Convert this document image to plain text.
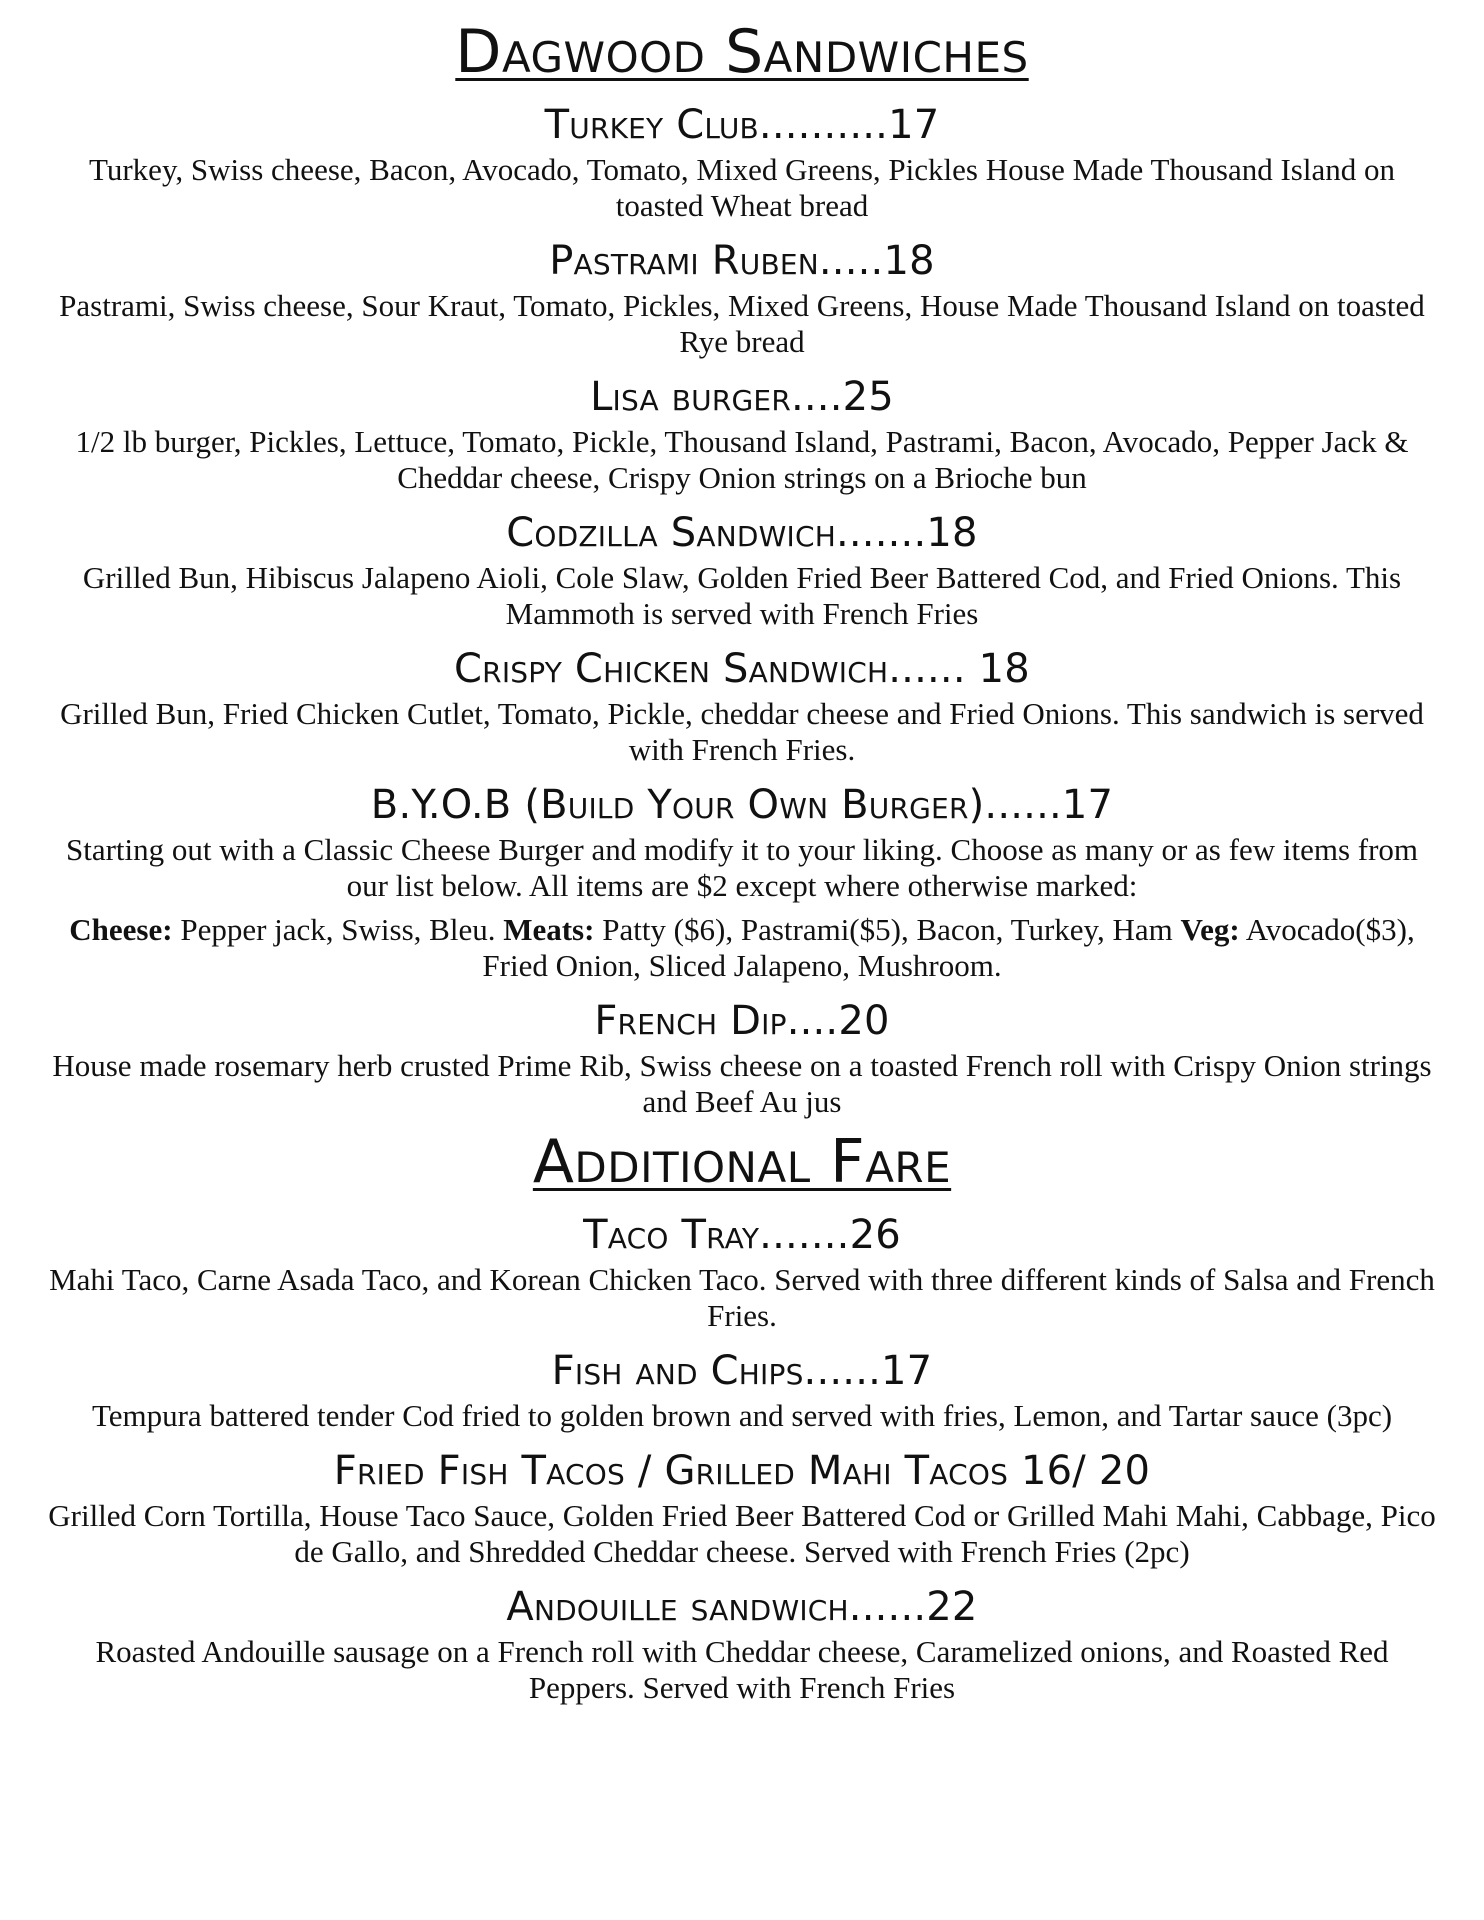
Dagwood Sandwiches
Turkey Club..........17

Turkey, Swiss cheese, Bacon, Avocado, Tomato, Mixed Greens, Pickles House Made Thousand Island on toasted Wheat bread

Pastrami Ruben.....18

Pastrami, Swiss cheese, Sour Kraut, Tomato, Pickles, Mixed Greens, House Made Thousand Island on toasted Rye bread

Lisa burger....25

1/2 lb burger, Pickles, Lettuce, Tomato, Pickle, Thousand Island, Pastrami, Bacon, Avocado, Pepper Jack & Cheddar cheese, Crispy Onion strings on a Brioche bun

Codzilla Sandwich.......18

Grilled Bun, Hibiscus Jalapeno Aioli, Cole Slaw, Golden Fried Beer Battered Cod, and Fried Onions. This Mammoth is served with French Fries

Crispy Chicken Sandwich...... 18

Grilled Bun, Fried Chicken Cutlet, Tomato, Pickle, cheddar cheese and Fried Onions. This sandwich is served with French Fries.

B.Y.O.B (Build Your Own Burger)......17

Starting out with a Classic Cheese Burger and modify it to your liking. Choose as many or as few items from our list below. All items are $2 except where otherwise marked:

Cheese: Pepper jack, Swiss, Bleu. Meats: Patty ($6), Pastrami($5), Bacon, Turkey, Ham Veg: Avocado($3), Fried Onion, Sliced Jalapeno, Mushroom.

French Dip....20

House made rosemary herb crusted Prime Rib, Swiss cheese on a toasted French roll with Crispy Onion strings and Beef Au jus

Additional Fare
Taco Tray.......26

Mahi Taco, Carne Asada Taco, and Korean Chicken Taco. Served with three different kinds of Salsa and French Fries.

Fish and Chips......17

Tempura battered tender Cod fried to golden brown and served with fries, Lemon, and Tartar sauce (3pc)

Fried Fish Tacos / Grilled Mahi Tacos 16/ 20

Grilled Corn Tortilla, House Taco Sauce, Golden Fried Beer Battered Cod or Grilled Mahi Mahi, Cabbage, Pico de Gallo, and Shredded Cheddar cheese. Served with French Fries (2pc)

Andouille sandwich......22

Roasted Andouille sausage on a French roll with Cheddar cheese, Caramelized onions, and Roasted Red Peppers. Served with French Fries
